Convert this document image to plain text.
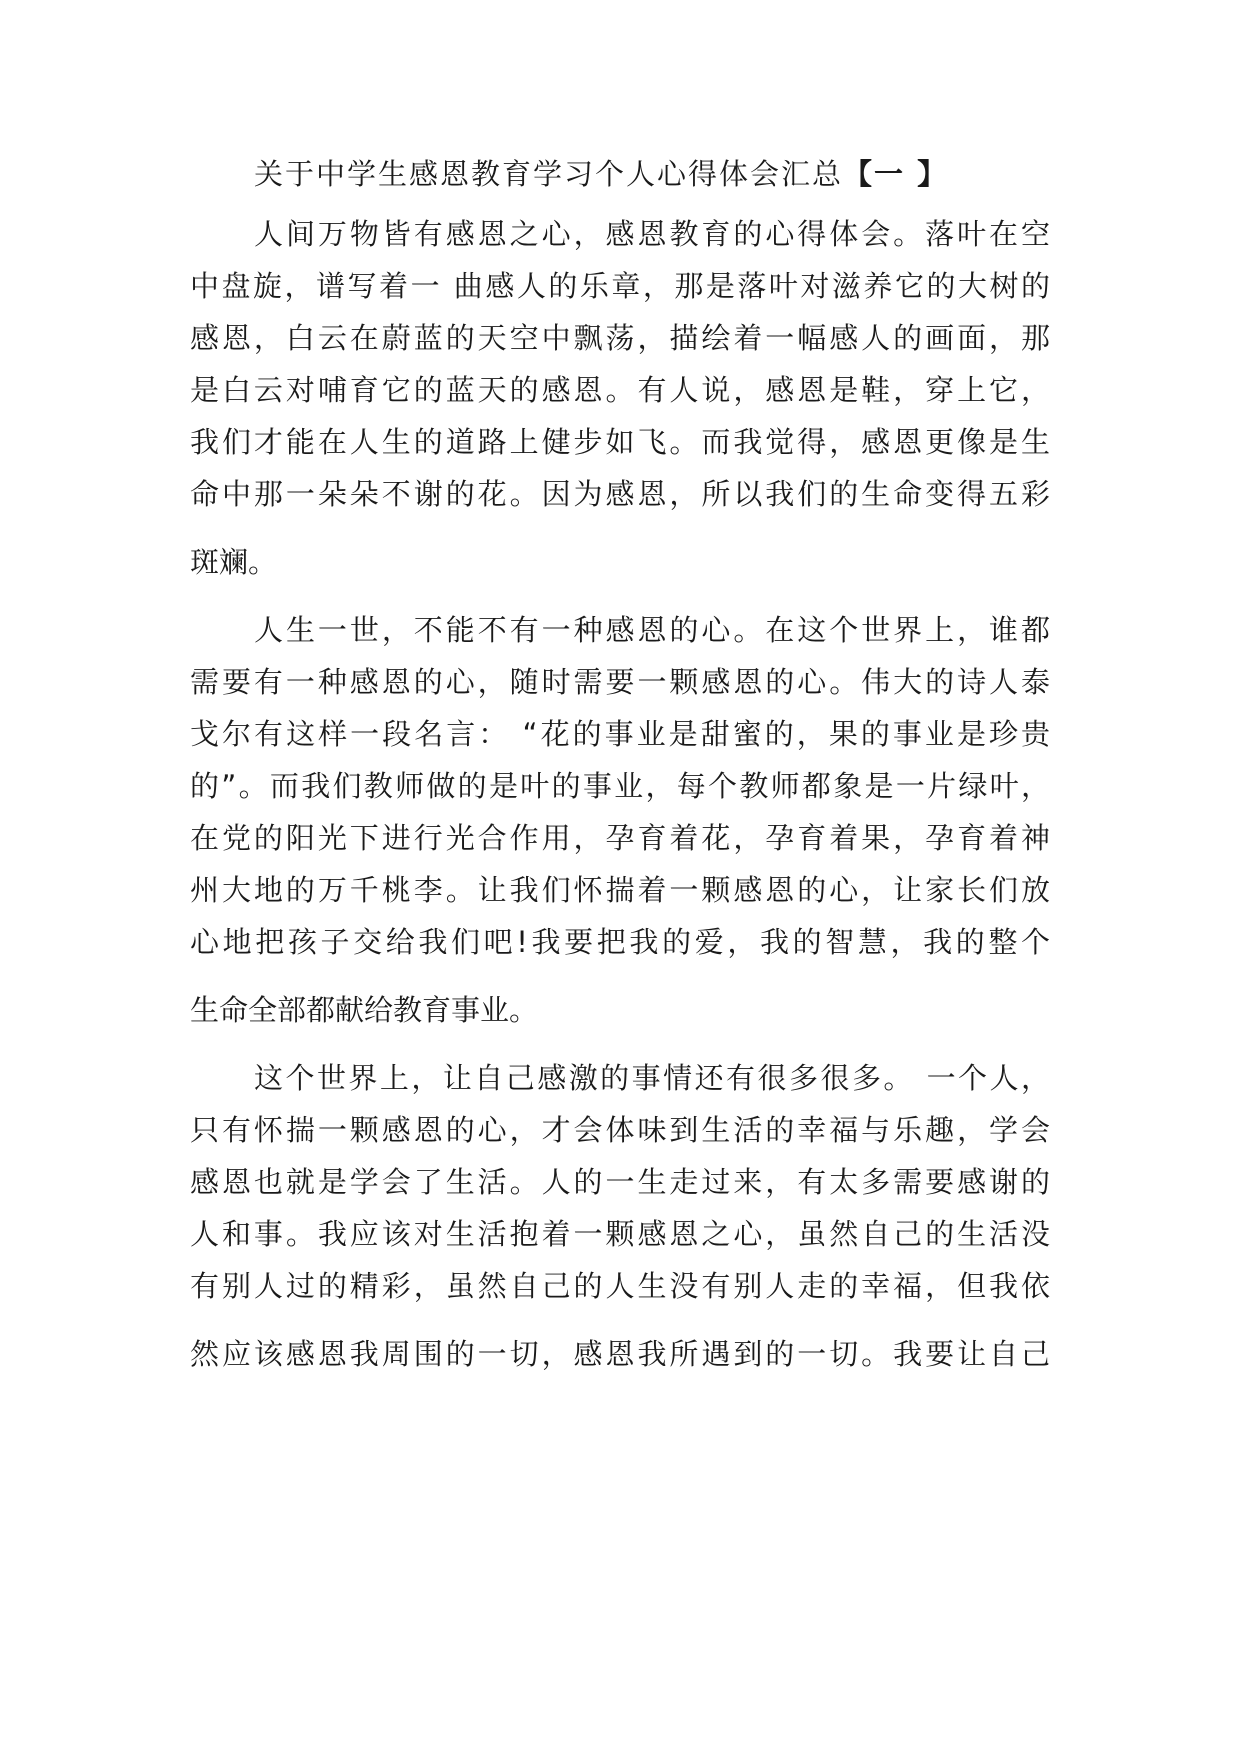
关于中学生感恩教育学习个人心得体会汇总【一 】
人间万物皆有感恩之心，感恩教育的心得体会。落叶在空
中盘旋，谱写着一 曲感人的乐章，那是落叶对滋养它的大树的
感恩，白云在蔚蓝的天空中飘荡，描绘着一幅感人的画面，那
是白云对哺育它的蓝天的感恩。有人说，感恩是鞋，穿上它，
我们才能在人生的道路上健步如飞。而我觉得，感恩更像是生
命中那一朵朵不谢的花。因为感恩，所以我们的生命变得五彩
斑斓。
人生一世，不能不有一种感恩的心。在这个世界上，谁都
需要有一种感恩的心，随时需要一颗感恩的心。伟大的诗人泰
戈尔有这样一段名言： “花的事业是甜蜜的，果的事业是珍贵
的”。而我们教师做的是叶的事业，每个教师都象是一片绿叶，
在党的阳光下进行光合作用，孕育着花，孕育着果，孕育着神
州大地的万千桃李。让我们怀揣着一颗感恩的心，让家长们放
心地把孩子交给我们吧!我要把我的爱，我的智慧，我的整个
生命全部都献给教育事业。
这个世界上，让自己感激的事情还有很多很多。 一个人，
只有怀揣一颗感恩的心，才会体味到生活的幸福与乐趣，学会
感恩也就是学会了生活。人的一生走过来，有太多需要感谢的
人和事。我应该对生活抱着一颗感恩之心，虽然自己的生活没
有别人过的精彩，虽然自己的人生没有别人走的幸福，但我依
然应该感恩我周围的一切，感恩我所遇到的一切。我要让自己
